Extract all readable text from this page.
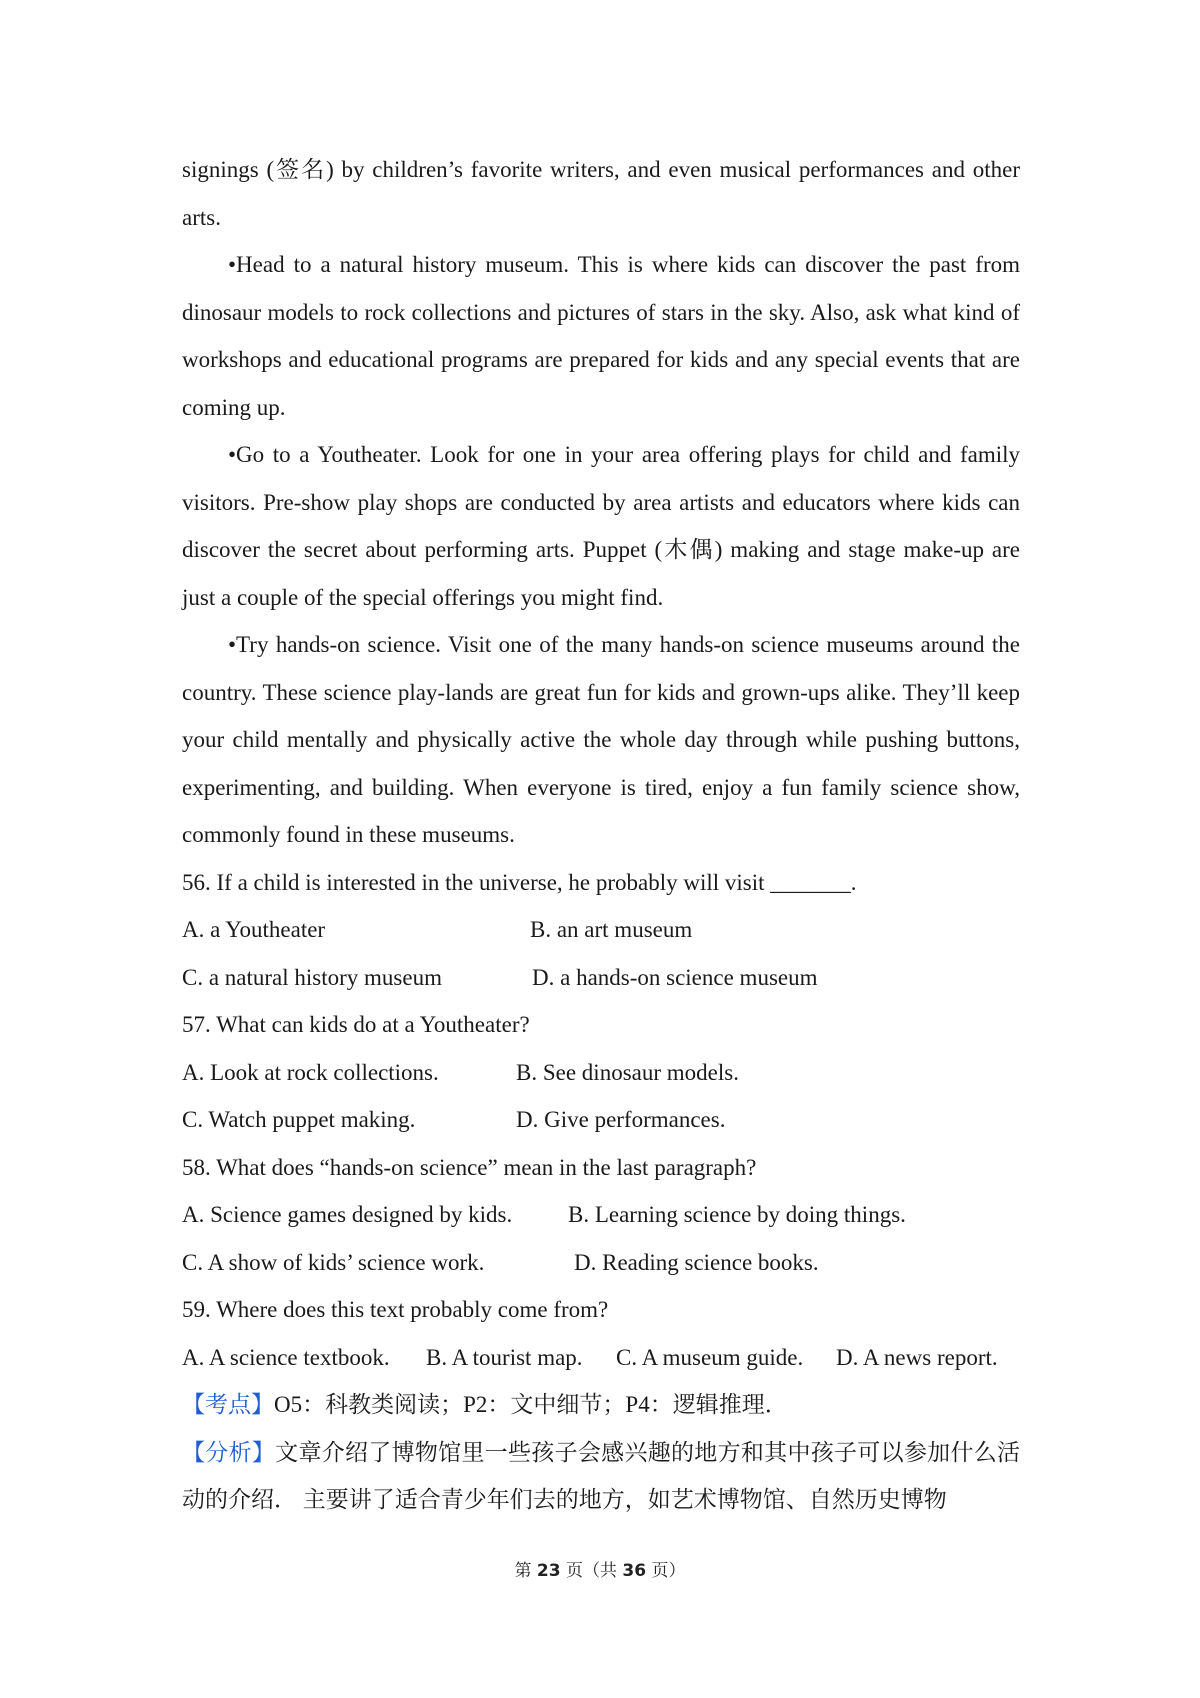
signings (签名) by children’s favorite writers, and even musical performances and other arts.

•Head to a natural history museum. This is where kids can discover the past from dinosaur models to rock collections and pictures of stars in the sky. Also, ask what kind of workshops and educational programs are prepared for kids and any special events that are coming up.

•Go to a Youtheater. Look for one in your area offering plays for child and family visitors. Pre-show play shops are conducted by area artists and educators where kids can discover the secret about performing arts. Puppet (木偶) making and stage make-up are just a couple of the special offerings you might find.

•Try hands-on science. Visit one of the many hands-on science museums around the country. These science play-lands are great fun for kids and grown-ups alike. They’ll keep your child mentally and physically active the whole day through while pushing buttons, experimenting, and building. When everyone is tired, enjoy a fun family science show, commonly found in these museums.

56. If a child is interested in the universe, he probably will visit _______.
A. a Youtheater	B. an art museum
C. a natural history museum	D. a hands-on science museum
57. What can kids do at a Youtheater?
A. Look at rock collections.	B. See dinosaur models.
C. Watch puppet making.	D. Give performances.
58. What does “hands-on science” mean in the last paragraph?
A. Science games designed by kids. B. Learning science by doing things.
C. A show of kids’ science work.	D. Reading science books.
59. Where does this text probably come from?
A. A science textbook. B. A tourist map. C. A museum guide. D. A news report.

【考点】O5：科教类阅读；P2：文中细节；P4：逻辑推理．

【分析】文章介绍了博物馆里一些孩子会感兴趣的地方和其中孩子可以参加什么活动的介绍． 主要讲了适合青少年们去的地方，如艺术博物馆、自然历史博物

第 23 页（共 36 页）
